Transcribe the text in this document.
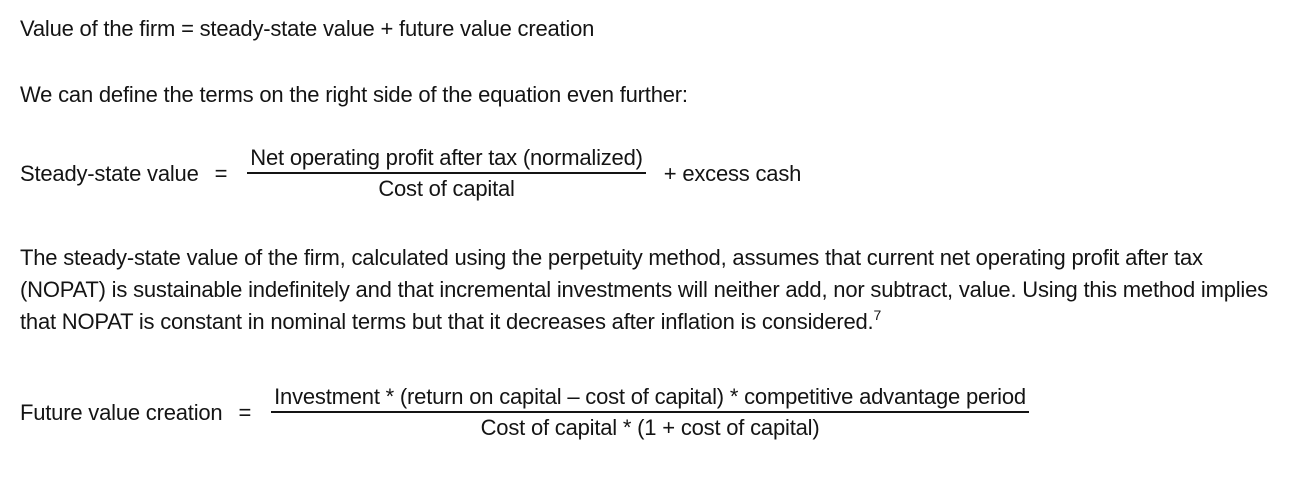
Value of the firm = steady-state value + future value creation
We can define the terms on the right side of the equation even further:
Steady-state value = $\frac{\text{Net operating profit after tax (normalized)}}{\text{Cost of capital}}$ + excess cash
The steady-state value of the firm, calculated using the perpetuity method, assumes that current net operating profit after tax (NOPAT) is sustainable indefinitely and that incremental investments will neither add, nor subtract, value. Using this method implies that NOPAT is constant in nominal terms but that it decreases after inflation is considered.$^7$
Future value creation =
Investment * (return on capital – cost of capital) * competitive advantage period
Cost of capital * (1 + cost of capital)
